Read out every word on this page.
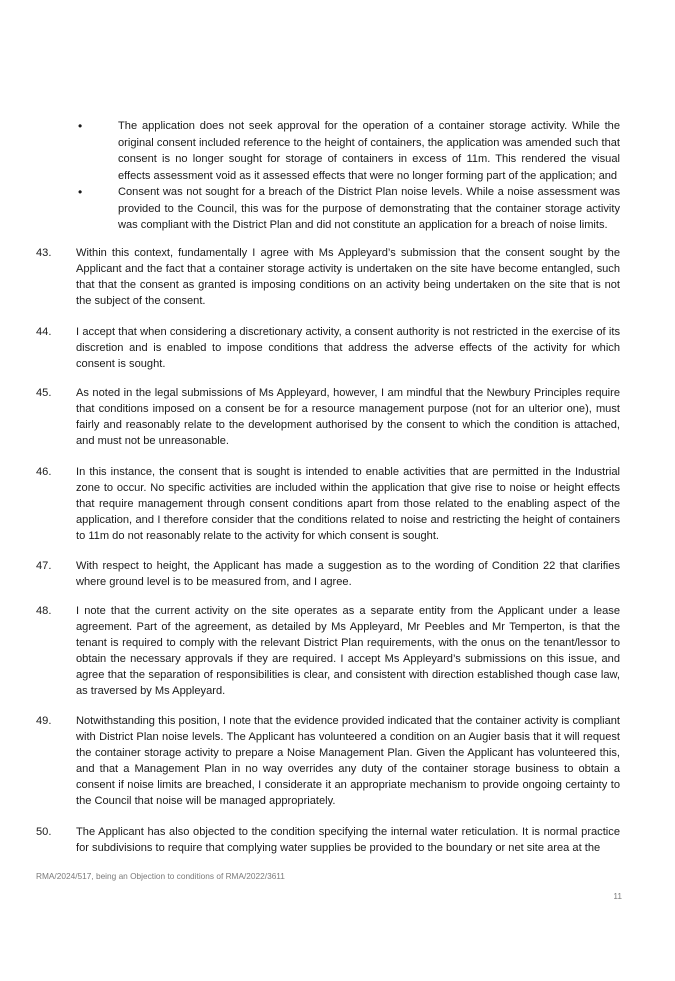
•	The application does not seek approval for the operation of a container storage activity. While the original consent included reference to the height of containers, the application was amended such that consent is no longer sought for storage of containers in excess of 11m. This rendered the visual effects assessment void as it assessed effects that were no longer forming part of the application; and
•	Consent was not sought for a breach of the District Plan noise levels. While a noise assessment was provided to the Council, this was for the purpose of demonstrating that the container storage activity was compliant with the District Plan and did not constitute an application for a breach of noise limits.
43.	Within this context, fundamentally I agree with Ms Appleyard’s submission that the consent sought by the Applicant and the fact that a container storage activity is undertaken on the site have become entangled, such that that the consent as granted is imposing conditions on an activity being undertaken on the site that is not the subject of the consent.
44.	I accept that when considering a discretionary activity, a consent authority is not restricted in the exercise of its discretion and is enabled to impose conditions that address the adverse effects of the activity for which consent is sought.
45.	As noted in the legal submissions of Ms Appleyard, however, I am mindful that the Newbury Principles require that conditions imposed on a consent be for a resource management purpose (not for an ulterior one), must fairly and reasonably relate to the development authorised by the consent to which the condition is attached, and must not be unreasonable.
46.	In this instance, the consent that is sought is intended to enable activities that are permitted in the Industrial zone to occur. No specific activities are included within the application that give rise to noise or height effects that require management through consent conditions apart from those related to the enabling aspect of the application, and I therefore consider that the conditions related to noise and restricting the height of containers to 11m do not reasonably relate to the activity for which consent is sought.
47.	With respect to height, the Applicant has made a suggestion as to the wording of Condition 22 that clarifies where ground level is to be measured from, and I agree.
48.	I note that the current activity on the site operates as a separate entity from the Applicant under a lease agreement. Part of the agreement, as detailed by Ms Appleyard, Mr Peebles and Mr Temperton, is that the tenant is required to comply with the relevant District Plan requirements, with the onus on the tenant/lessor to obtain the necessary approvals if they are required. I accept Ms Appleyard’s submissions on this issue, and agree that the separation of responsibilities is clear, and consistent with direction established though case law, as traversed by Ms Appleyard.
49.	Notwithstanding this position, I note that the evidence provided indicated that the container activity is compliant with District Plan noise levels. The Applicant has volunteered a condition on an Augier basis that it will request the container storage activity to prepare a Noise Management Plan. Given the Applicant has volunteered this, and that a Management Plan in no way overrides any duty of the container storage business to obtain a consent if noise limits are breached, I considerate it an appropriate mechanism to provide ongoing certainty to the Council that noise will be managed appropriately.
50.	The Applicant has also objected to the condition specifying the internal water reticulation. It is normal practice for subdivisions to require that complying water supplies be provided to the boundary or net site area at the
RMA/2024/517, being an Objection to conditions of RMA/2022/3611
11
